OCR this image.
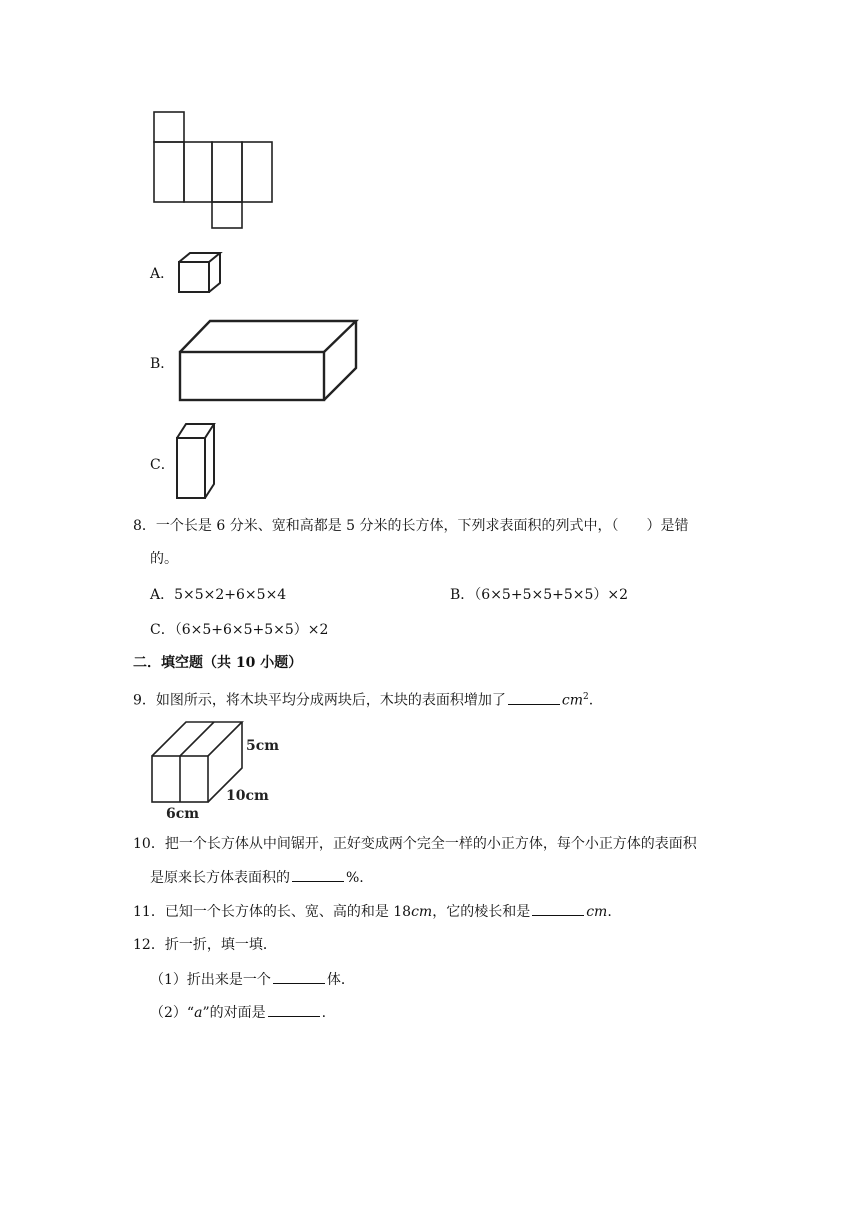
A．
B．
C．
8．一个长是 6 分米、宽和高都是 5 分米的长方体，下列求表面积的列式中，（　　）是错
的。
A．5×5×2+6×5×4	B．（6×5+5×5+5×5）×2
C．（6×5+6×5+5×5）×2
二．填空题（共 10 小题）
9．如图所示，将木块平均分成两块后，木块的表面积增加了	$cm^2$.
5cm
10cm
6cm
10．把一个长方体从中间锯开，正好变成两个完全一样的小正方体，每个小正方体的表面积
是原来长方体表面积的	%.
11．已知一个长方体的长、宽、高的和是 18cm，它的棱长和是	cm.
12．折一折，填一填．
（1）折出来是一个	体．
（2）“a”的对面是	.
